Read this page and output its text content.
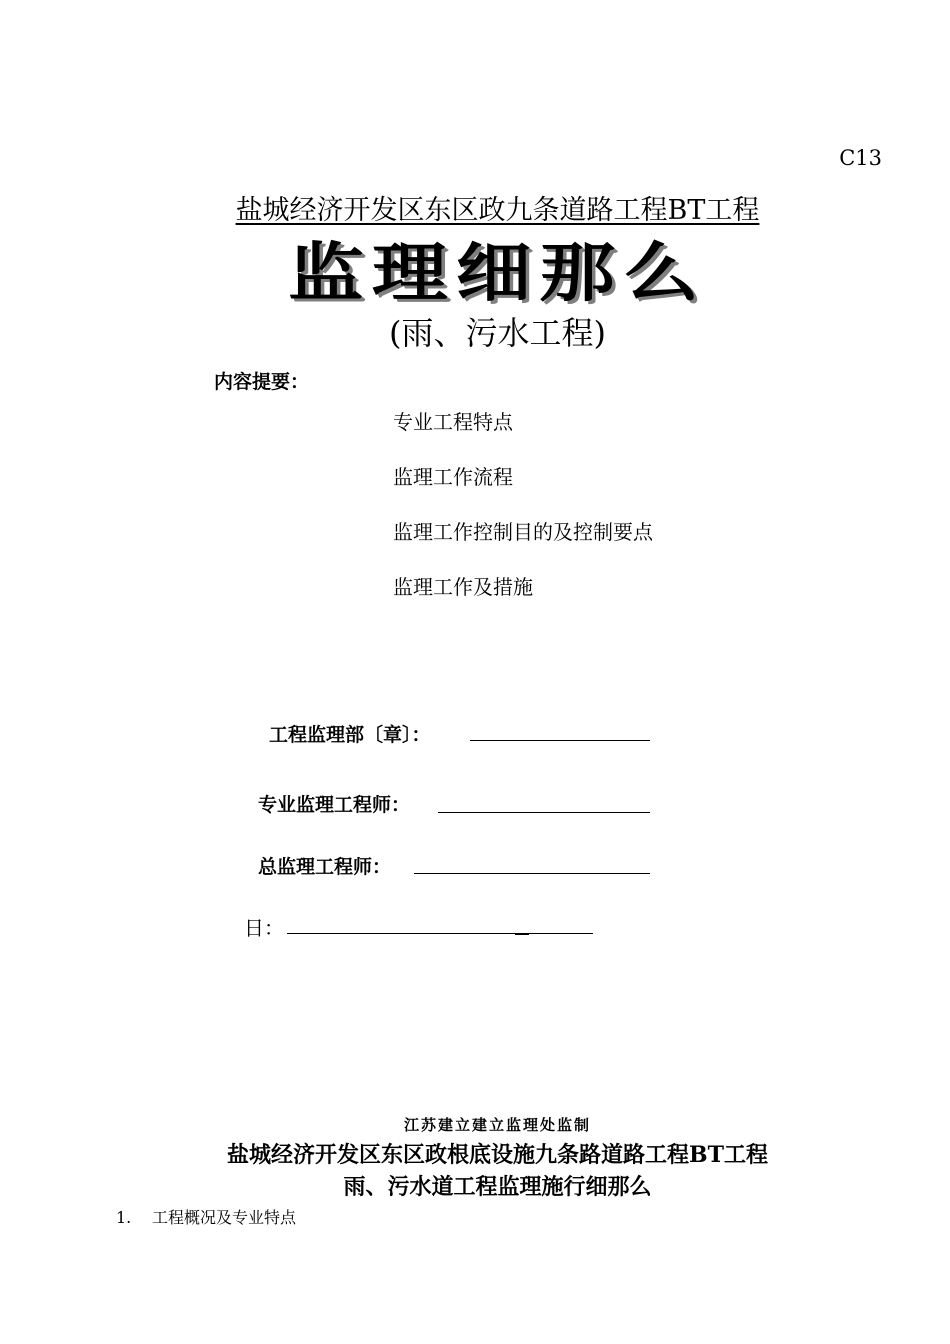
C13
盐城经济开发区东区政九条道路工程BT工程
监理细那么
(雨、污水工程)
内容提要：
专业工程特点
监理工作流程
监理工作控制目的及控制要点
监理工作及措施
工程监理部〔章〕：
专业监理工程师：
总监理工程师：
日：
江苏建立建立监理处监制
盐城经济开发区东区政根底设施九条路道路工程BT工程
雨、污水道工程监理施行细那么
1. 工程概况及专业特点
